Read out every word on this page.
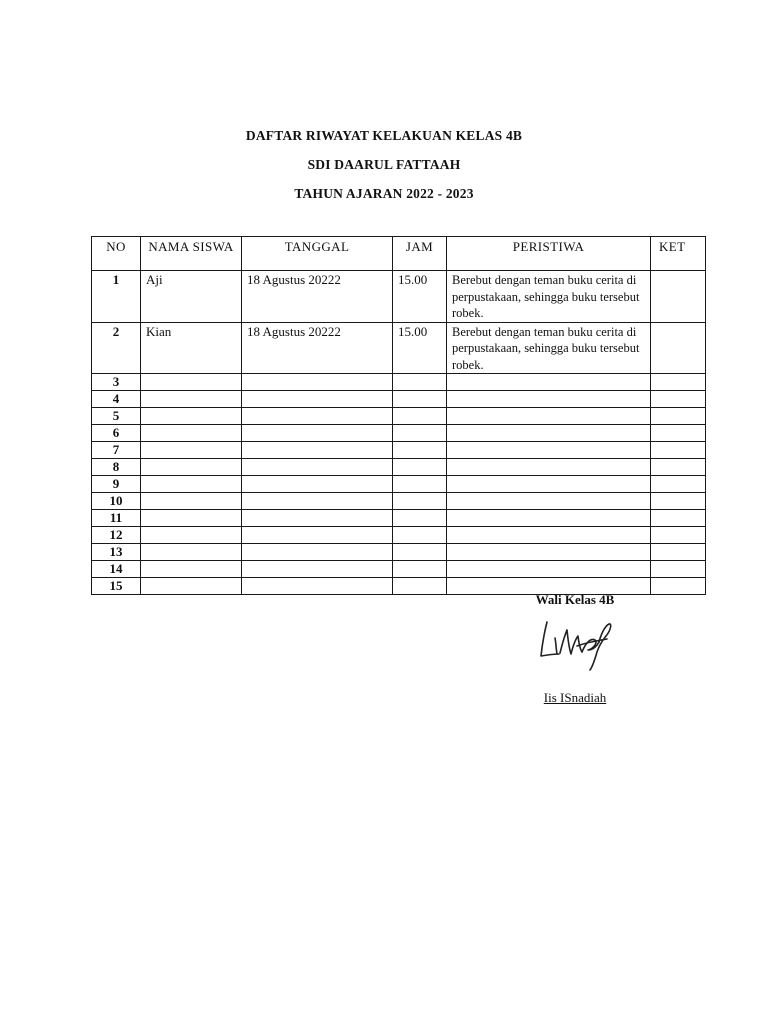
DAFTAR RIWAYAT KELAKUAN KELAS 4B
SDI DAARUL FATTAAH
TAHUN AJARAN 2022 - 2023
NO	NAMA SISWA	TANGGAL	JAM	PERISTIWA	KET
1	Aji	18 Agustus 20222	15.00	Berebut dengan teman buku cerita di perpustakaan, sehingga buku tersebut robek.	
2	Kian	18 Agustus 20222	15.00	Berebut dengan teman buku cerita di perpustakaan, sehingga buku tersebut robek.	
3					
4					
5					
6					
7					
8					
9					
10					
11					
12					
13					
14					
15					
Wali Kelas 4B
Iis ISnadiah
